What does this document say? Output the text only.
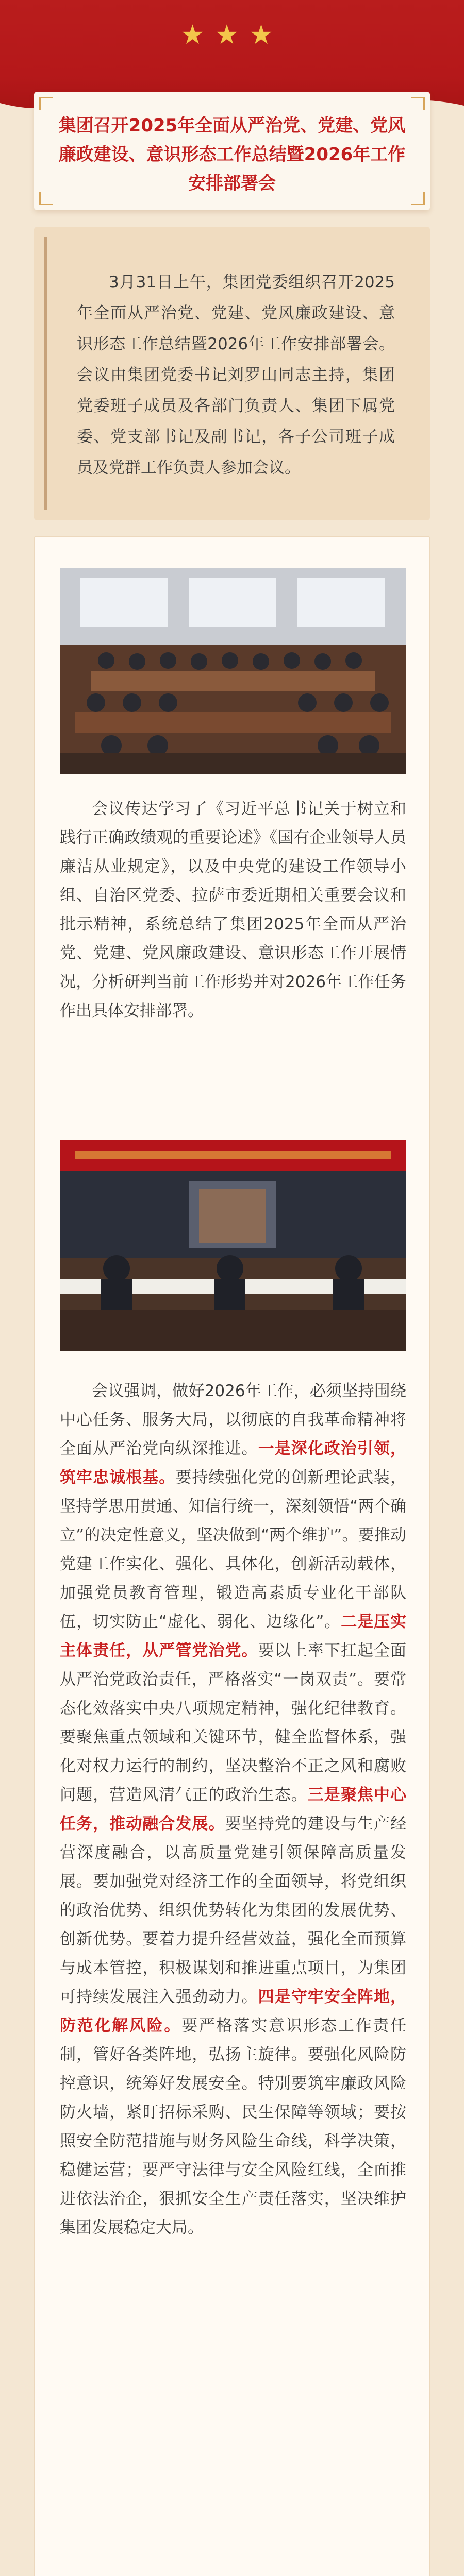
★★★
集团召开2025年全面从严治党、党建、党风廉政建设、意识形态工作总结暨2026年工作安排部署会

3月31日上午，集团党委组织召开2025年全面从严治党、党建、党风廉政建设、意识形态工作总结暨2026年工作安排部署会。会议由集团党委书记刘罗山同志主持，集团党委班子成员及各部门负责人、集团下属党委、党支部书记及副书记，各子公司班子成员及党群工作负责人参加会议。

会议传达学习了《习近平总书记关于树立和践行正确政绩观的重要论述》《国有企业领导人员廉洁从业规定》，以及中央党的建设工作领导小组、自治区党委、拉萨市委近期相关重要会议和批示精神，系统总结了集团2025年全面从严治党、党建、党风廉政建设、意识形态工作开展情况，分析研判当前工作形势并对2026年工作任务作出具体安排部署。

会议强调，做好2026年工作，必须坚持围绕中心任务、服务大局，以彻底的自我革命精神将全面从严治党向纵深推进。一是深化政治引领，筑牢忠诚根基。要持续强化党的创新理论武装，坚持学思用贯通、知信行统一，深刻领悟“两个确立”的决定性意义，坚决做到“两个维护”。要推动党建工作实化、强化、具体化，创新活动载体，加强党员教育管理，锻造高素质专业化干部队伍，切实防止“虚化、弱化、边缘化”。二是压实主体责任，从严管党治党。要以上率下扛起全面从严治党政治责任，严格落实“一岗双责”。要常态化效落实中央八项规定精神，强化纪律教育。要聚焦重点领域和关键环节，健全监督体系，强化对权力运行的制约，坚决整治不正之风和腐败问题，营造风清气正的政治生态。三是聚焦中心任务，推动融合发展。要坚持党的建设与生产经营深度融合，以高质量党建引领保障高质量发展。要加强党对经济工作的全面领导，将党组织的政治优势、组织优势转化为集团的发展优势、创新优势。要着力提升经营效益，强化全面预算与成本管控，积极谋划和推进重点项目，为集团可持续发展注入强劲动力。四是守牢安全阵地，防范化解风险。要严格落实意识形态工作责任制，管好各类阵地，弘扬主旋律。要强化风险防控意识，统筹好发展安全。特别要筑牢廉政风险防火墙，紧盯招标采购、民生保障等领域；要按照安全防范措施与财务风险生命线，科学决策，稳健运营；要严守法律与安全风险红线，全面推进依法治企，狠抓安全生产责任落实，坚决维护集团发展稳定大局。
